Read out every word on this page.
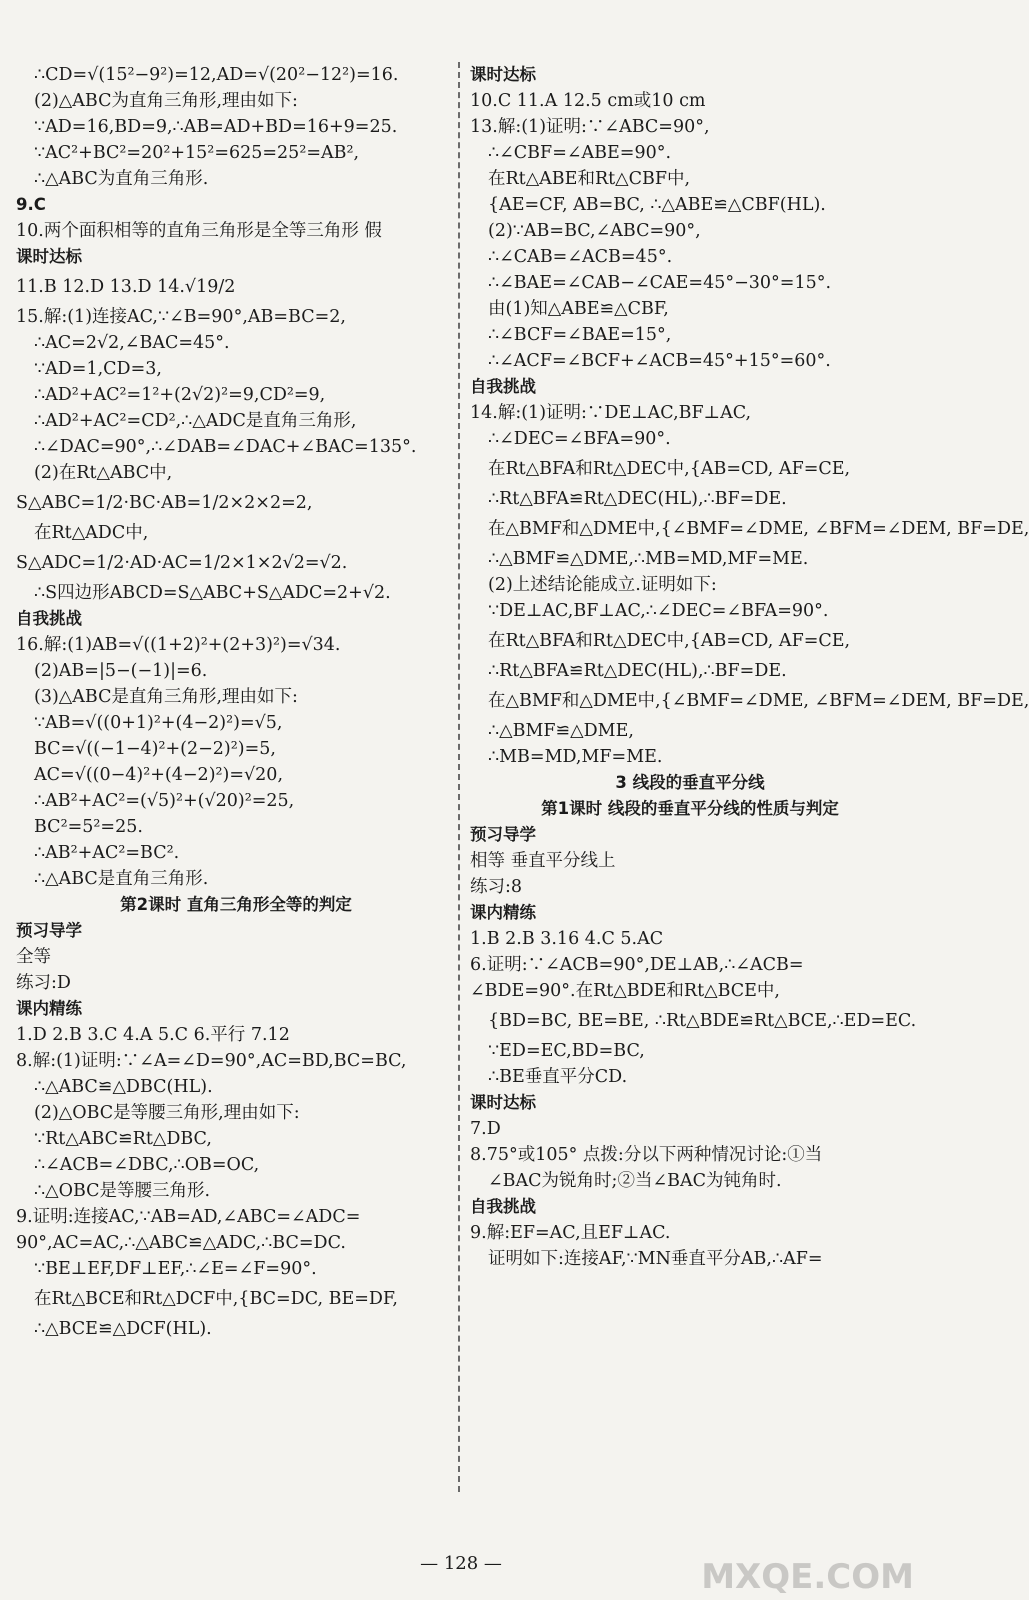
∴CD=√(15²−9²)=12,AD=√(20²−12²)=16.
(2)△ABC为直角三角形,理由如下:
∵AD=16,BD=9,∴AB=AD+BD=16+9=25.
∵AC²+BC²=20²+15²=625=25²=AB²,
∴△ABC为直角三角形.
9.C
10.两个面积相等的直角三角形是全等三角形 假
课时达标
11.B 12.D 13.D 14.√19/2
15.解:(1)连接AC,∵∠B=90°,AB=BC=2,
∴AC=2√2,∠BAC=45°.
∵AD=1,CD=3,
∴AD²+AC²=1²+(2√2)²=9,CD²=9,
∴AD²+AC²=CD²,∴△ADC是直角三角形,
∴∠DAC=90°,∴∠DAB=∠DAC+∠BAC=135°.
(2)在Rt△ABC中,
S△ABC=1/2·BC·AB=1/2×2×2=2,
在Rt△ADC中,
S△ADC=1/2·AD·AC=1/2×1×2√2=√2.
∴S四边形ABCD=S△ABC+S△ADC=2+√2.
自我挑战
16.解:(1)AB=√((1+2)²+(2+3)²)=√34.
(2)AB=|5−(−1)|=6.
(3)△ABC是直角三角形,理由如下:
∵AB=√((0+1)²+(4−2)²)=√5,
BC=√((−1−4)²+(2−2)²)=5,
AC=√((0−4)²+(4−2)²)=√20,
∴AB²+AC²=(√5)²+(√20)²=25,
BC²=5²=25.
∴AB²+AC²=BC².
∴△ABC是直角三角形.
第2课时 直角三角形全等的判定
预习导学
全等
练习:D
课内精练
1.D 2.B 3.C 4.A 5.C 6.平行 7.12
8.解:(1)证明:∵∠A=∠D=90°,AC=BD,BC=BC,
∴△ABC≌△DBC(HL).
(2)△OBC是等腰三角形,理由如下:
∵Rt△ABC≌Rt△DBC,
∴∠ACB=∠DBC,∴OB=OC,
∴△OBC是等腰三角形.
9.证明:连接AC,∵AB=AD,∠ABC=∠ADC=
90°,AC=AC,∴△ABC≌△ADC,∴BC=DC.
∵BE⊥EF,DF⊥EF,∴∠E=∠F=90°.
在Rt△BCE和Rt△DCF中,{BC=DC, BE=DF,
∴△BCE≌△DCF(HL).
课时达标
10.C 11.A 12.5 cm或10 cm
13.解:(1)证明:∵∠ABC=90°,
∴∠CBF=∠ABE=90°.
在Rt△ABE和Rt△CBF中,
{AE=CF, AB=BC, ∴△ABE≌△CBF(HL).
(2)∵AB=BC,∠ABC=90°,
∴∠CAB=∠ACB=45°.
∴∠BAE=∠CAB−∠CAE=45°−30°=15°.
由(1)知△ABE≌△CBF,
∴∠BCF=∠BAE=15°,
∴∠ACF=∠BCF+∠ACB=45°+15°=60°.
自我挑战
14.解:(1)证明:∵DE⊥AC,BF⊥AC,
∴∠DEC=∠BFA=90°.
在Rt△BFA和Rt△DEC中,{AB=CD, AF=CE,
∴Rt△BFA≌Rt△DEC(HL),∴BF=DE.
在△BMF和△DME中,{∠BMF=∠DME, ∠BFM=∠DEM, BF=DE,
∴△BMF≌△DME,∴MB=MD,MF=ME.
(2)上述结论能成立.证明如下:
∵DE⊥AC,BF⊥AC,∴∠DEC=∠BFA=90°.
在Rt△BFA和Rt△DEC中,{AB=CD, AF=CE,
∴Rt△BFA≌Rt△DEC(HL),∴BF=DE.
在△BMF和△DME中,{∠BMF=∠DME, ∠BFM=∠DEM, BF=DE,
∴△BMF≌△DME,
∴MB=MD,MF=ME.
3 线段的垂直平分线
第1课时 线段的垂直平分线的性质与判定
预习导学
相等 垂直平分线上
练习:8
课内精练
1.B 2.B 3.16 4.C 5.AC
6.证明:∵∠ACB=90°,DE⊥AB,∴∠ACB=
∠BDE=90°.在Rt△BDE和Rt△BCE中,
{BD=BC, BE=BE, ∴Rt△BDE≌Rt△BCE,∴ED=EC.
∵ED=EC,BD=BC,
∴BE垂直平分CD.
课时达标
7.D
8.75°或105° 点拨:分以下两种情况讨论:①当
∠BAC为锐角时;②当∠BAC为钝角时.
自我挑战
9.解:EF=AC,且EF⊥AC.
证明如下:连接AF,∵MN垂直平分AB,∴AF=
— 128 —	MXQE.COM
